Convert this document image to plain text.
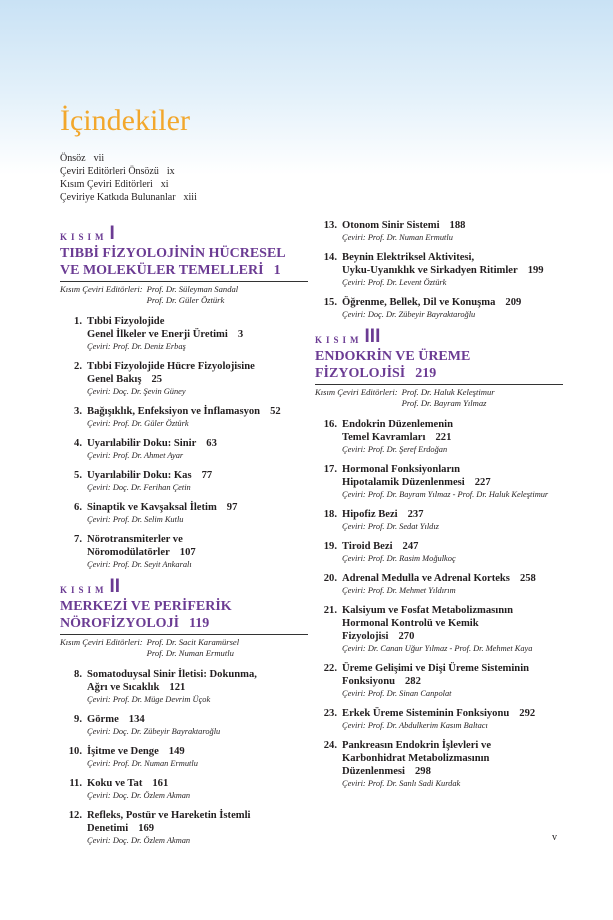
İçindekiler
Önsöz vii
Çeviri Editörleri Önsözü ix
Kısım Çeviri Editörleri xi
Çeviriye Katkıda Bulunanlar xiii
KISIM I
TIBBİ FİZYOLOJİNİN HÜCRESEL
VE MOLEKÜLER TEMELLERİ 1
Kısım Çeviri Editörleri: Prof. Dr. Süleyman Sandal
Prof. Dr. Güler Öztürk
1. Tıbbi Fizyolojide
Genel İlkeler ve Enerji Üretimi 3
Çeviri: Prof. Dr. Deniz Erbaş
2. Tıbbi Fizyolojide Hücre Fizyolojisine
Genel Bakış 25
Çeviri: Doç. Dr. Şevin Güney
3. Bağışıklık, Enfeksiyon ve İnflamasyon 52
Çeviri: Prof. Dr. Güler Öztürk
4. Uyarılabilir Doku: Sinir 63
Çeviri: Prof. Dr. Ahmet Ayar
5. Uyarılabilir Doku: Kas 77
Çeviri: Doç. Dr. Ferihan Çetin
6. Sinaptik ve Kavşaksal İletim 97
Çeviri: Prof. Dr. Selim Kutlu
7. Nörotransmiterler ve
Nöromodülatörler 107
Çeviri: Prof. Dr. Seyit Ankaralı
KISIM II
MERKEZİ VE PERİFERİK
NÖROFİZYOLOJİ 119
Kısım Çeviri Editörleri: Prof. Dr. Sacit Karamürsel
Prof. Dr. Numan Ermutlu
8. Somatoduysal Sinir İletisi: Dokunma,
Ağrı ve Sıcaklık 121
Çeviri: Prof. Dr. Müge Devrim Üçok
9. Görme 134
Çeviri: Doç. Dr. Zübeyir Bayraktaroğlu
10. İşitme ve Denge 149
Çeviri: Prof. Dr. Numan Ermutlu
11. Koku ve Tat 161
Çeviri: Doç. Dr. Özlem Akman
12. Refleks, Postür ve Hareketin İstemli
Denetimi 169
Çeviri: Doç. Dr. Özlem Akman
13. Otonom Sinir Sistemi 188
Çeviri: Prof. Dr. Numan Ermutlu
14. Beynin Elektriksel Aktivitesi,
Uyku-Uyanıklık ve Sirkadyen Ritimler 199
Çeviri: Prof. Dr. Levent Öztürk
15. Öğrenme, Bellek, Dil ve Konuşma 209
Çeviri: Doç. Dr. Zübeyir Bayraktaroğlu
KISIM III
ENDOKRİN VE ÜREME
FİZYOLOJİSİ 219
Kısım Çeviri Editörleri: Prof. Dr. Haluk Keleştimur
Prof. Dr. Bayram Yılmaz
16. Endokrin Düzenlemenin
Temel Kavramları 221
Çeviri: Prof. Dr. Şeref Erdoğan
17. Hormonal Fonksiyonların
Hipotalamik Düzenlenmesi 227
Çeviri: Prof. Dr. Bayram Yılmaz - Prof. Dr. Haluk Keleştimur
18. Hipofiz Bezi 237
Çeviri: Prof. Dr. Sedat Yıldız
19. Tiroid Bezi 247
Çeviri: Prof. Dr. Rasim Moğulkoç
20. Adrenal Medulla ve Adrenal Korteks 258
Çeviri: Prof. Dr. Mehmet Yıldırım
21. Kalsiyum ve Fosfat Metabolizmasının
Hormonal Kontrolü ve Kemik
Fizyolojisi 270
Çeviri: Dr. Canan Uğur Yılmaz - Prof. Dr. Mehmet Kaya
22. Üreme Gelişimi ve Dişi Üreme Sisteminin
Fonksiyonu 282
Çeviri: Prof. Dr. Sinan Canpolat
23. Erkek Üreme Sisteminin Fonksiyonu 292
Çeviri: Prof. Dr. Abdulkerim Kasım Baltacı
24. Pankreasın Endokrin İşlevleri ve
Karbonhidrat Metabolizmasının
Düzenlenmesi 298
Çeviri: Prof. Dr. Sanlı Sadi Kurdak
v
